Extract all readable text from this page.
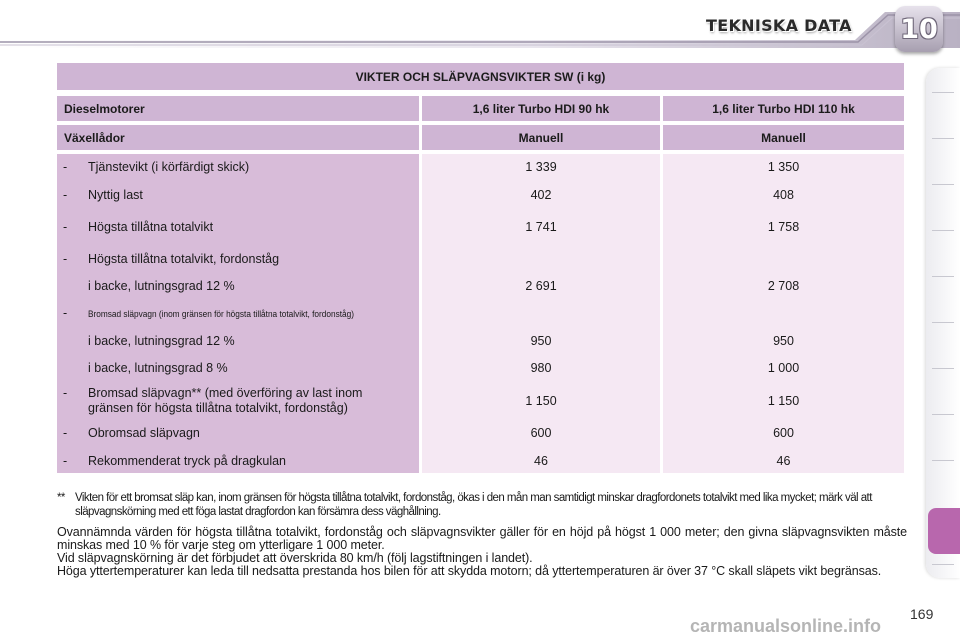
TEKNISKA DATA 10
VIKTER OCH SLÄPVAGNSVIKTER SW (i kg)
Dieselmotorer	1,6 liter Turbo HDI 90 hk	1,6 liter Turbo HDI 110 hk
Växellådor	Manuell	Manuell
- Tjänstevikt (i körfärdigt skick)	1 339	1 350
- Nyttig last	402	408
- Högsta tillåtna totalvikt	1 741	1 758
- Högsta tillåtna totalvikt, fordonståg
i backe, lutningsgrad 12 %	2 691	2 708
- Bromsad släpvagn (inom gränsen för högsta tillåtna totalvikt, fordonståg)
i backe, lutningsgrad 12 %	950	950
i backe, lutningsgrad 8 %	980	1 000
- Bromsad släpvagn** (med överföring av last inom
gränsen för högsta tillåtna totalvikt, fordonståg)	1 150	1 150
- Obromsad släpvagn	600	600
- Rekommenderat tryck på dragkulan	46	46
** Vikten för ett bromsat släp kan, inom gränsen för högsta tillåtna totalvikt, fordonståg, ökas i den mån man samtidigt minskar dragfordonets totalvikt med lika mycket; märk väl att släpvagnskörning med ett föga lastat dragfordon kan försämra dess väghållning.

Ovannämnda värden för högsta tillåtna totalvikt, fordonståg och släpvagnsvikter gäller för en höjd på högst 1 000 meter; den givna släpvagnsvikten måste minskas med 10 % för varje steg om ytterligare 1 000 meter.

Vid släpvagnskörning är det förbjudet att överskrida 80 km/h (följ lagstiftningen i landet).

Höga yttertemperaturer kan leda till nedsatta prestanda hos bilen för att skydda motorn; då yttertemperaturen är över 37 °C skall släpets vikt begränsas.

carmanualsonline.info
169
